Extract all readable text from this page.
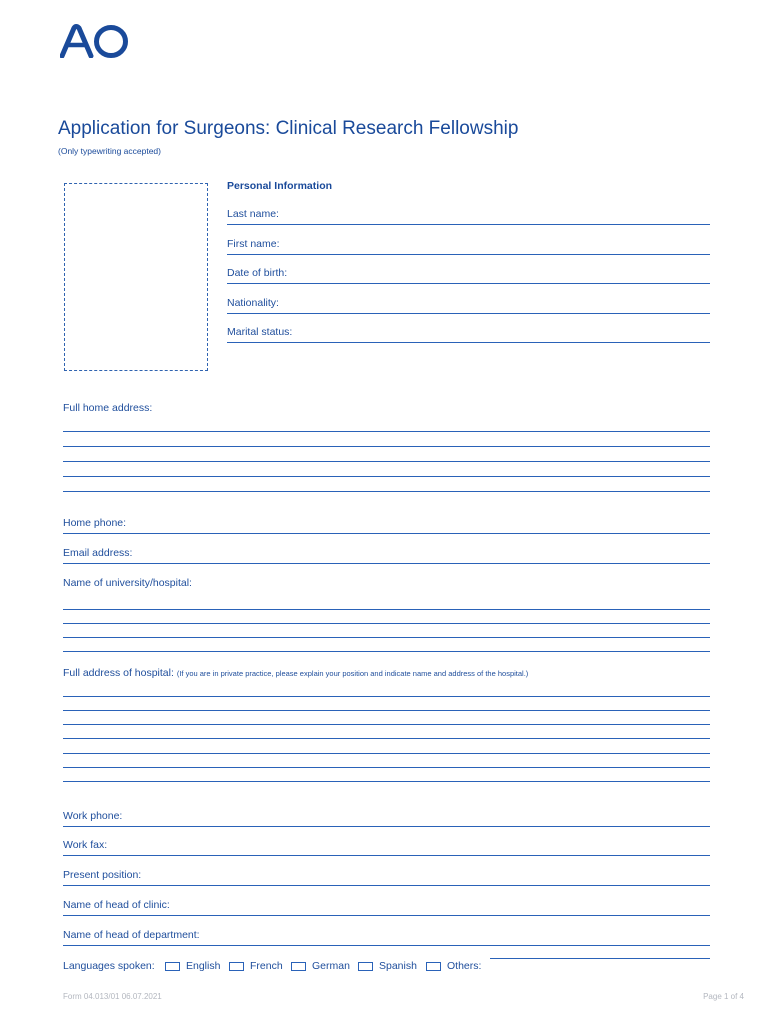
Application for Surgeons: Clinical Research Fellowship
(Only typewriting accepted)
Personal Information
Last name:
First name:
Date of birth:
Nationality:
Marital status:
Full home address:
Home phone:
Email address:
Name of university/hospital:
Full address of hospital: (If you are in private practice, please explain your position and indicate name and address of the hospital.)
Work phone:
Work fax:
Present position:
Name of head of clinic:
Name of head of department:
Languages spoken:	English	French	German	Spanish	Others:
Form 04.013/01 06.07.2021	Page 1 of 4
